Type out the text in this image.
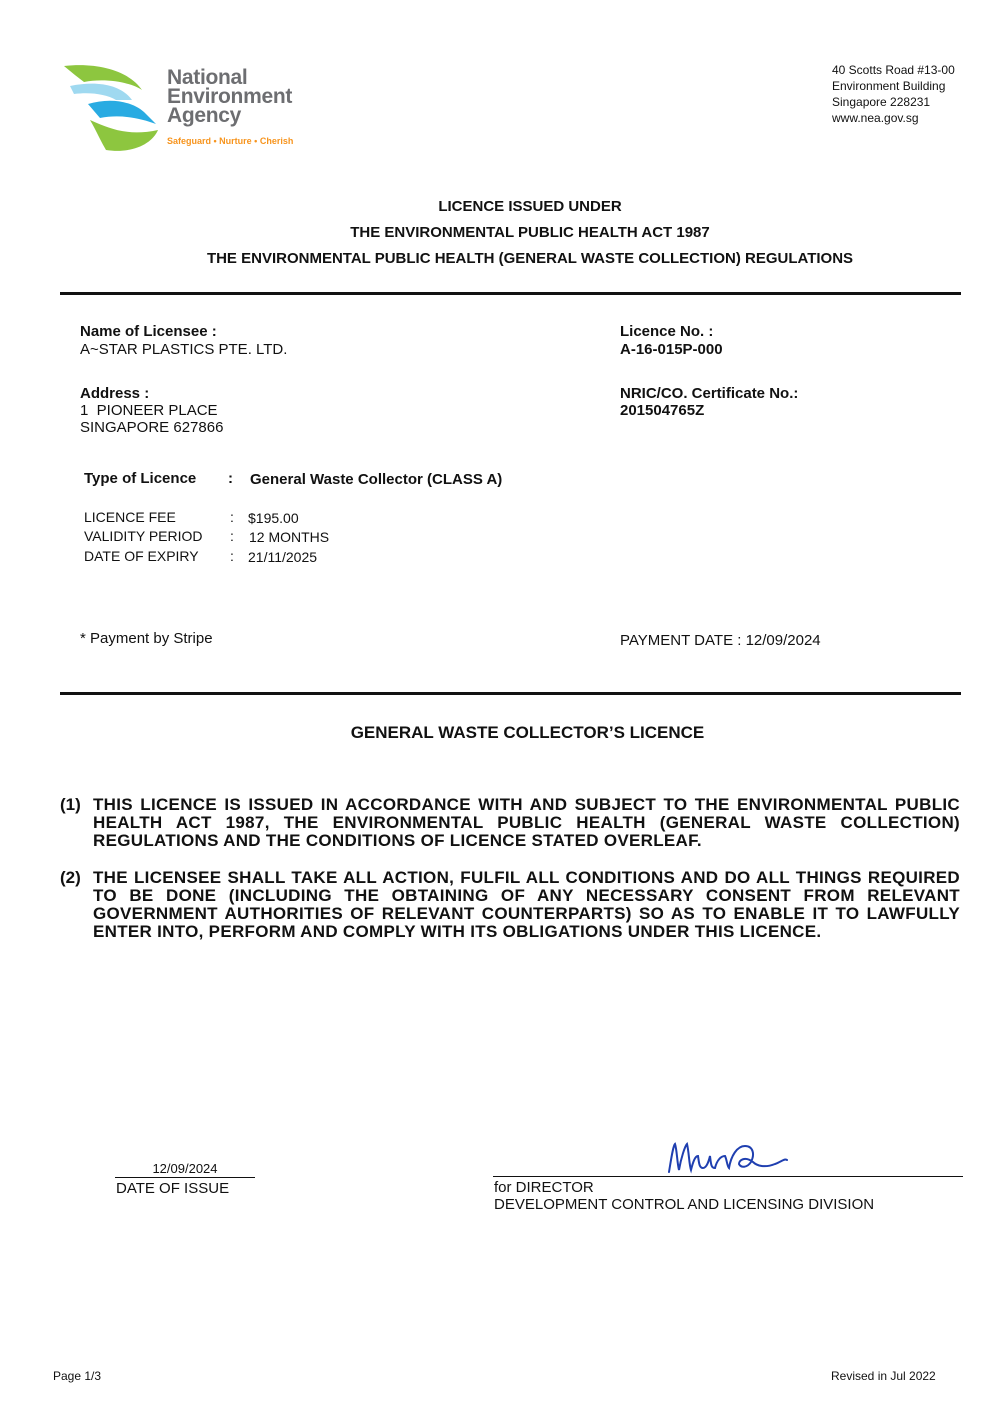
National
Environment
Agency
Safeguard • Nurture • Cherish
40 Scotts Road #13-00
Environment Building
Singapore 228231
www.nea.gov.sg
LICENCE ISSUED UNDER
THE ENVIRONMENTAL PUBLIC HEALTH ACT 1987
THE ENVIRONMENTAL PUBLIC HEALTH (GENERAL WASTE COLLECTION) REGULATIONS
Name of Licensee :
A~STAR PLASTICS PTE. LTD.
Address :
1  PIONEER PLACE
SINGAPORE 627866
Licence No. :
A-16-015P-000
NRIC/CO. Certificate No.:
201504765Z
Type of Licence : General Waste Collector (CLASS A)
LICENCE FEE	: $195.00
VALIDITY PERIOD : 12 MONTHS
DATE OF EXPIRY : 21/11/2025
* Payment by Stripe	PAYMENT DATE : 12/09/2024
GENERAL WASTE COLLECTOR’S LICENCE
(1) THIS LICENCE IS ISSUED IN ACCORDANCE WITH AND SUBJECT TO THE ENVIRONMENTAL PUBLIC HEALTH ACT 1987, THE ENVIRONMENTAL PUBLIC HEALTH (GENERAL WASTE COLLECTION) REGULATIONS AND THE CONDITIONS OF LICENCE STATED OVERLEAF.
(2) THE LICENSEE SHALL TAKE ALL ACTION, FULFIL ALL CONDITIONS AND DO ALL THINGS REQUIRED TO BE DONE (INCLUDING THE OBTAINING OF ANY NECESSARY CONSENT FROM RELEVANT GOVERNMENT AUTHORITIES OF RELEVANT COUNTERPARTS) SO AS TO ENABLE IT TO LAWFULLY ENTER INTO, PERFORM AND COMPLY WITH ITS OBLIGATIONS UNDER THIS LICENCE.
12/09/2024
DATE OF ISSUE	for DIRECTOR
DEVELOPMENT CONTROL AND LICENSING DIVISION
Page 1/3	Revised in Jul 2022
